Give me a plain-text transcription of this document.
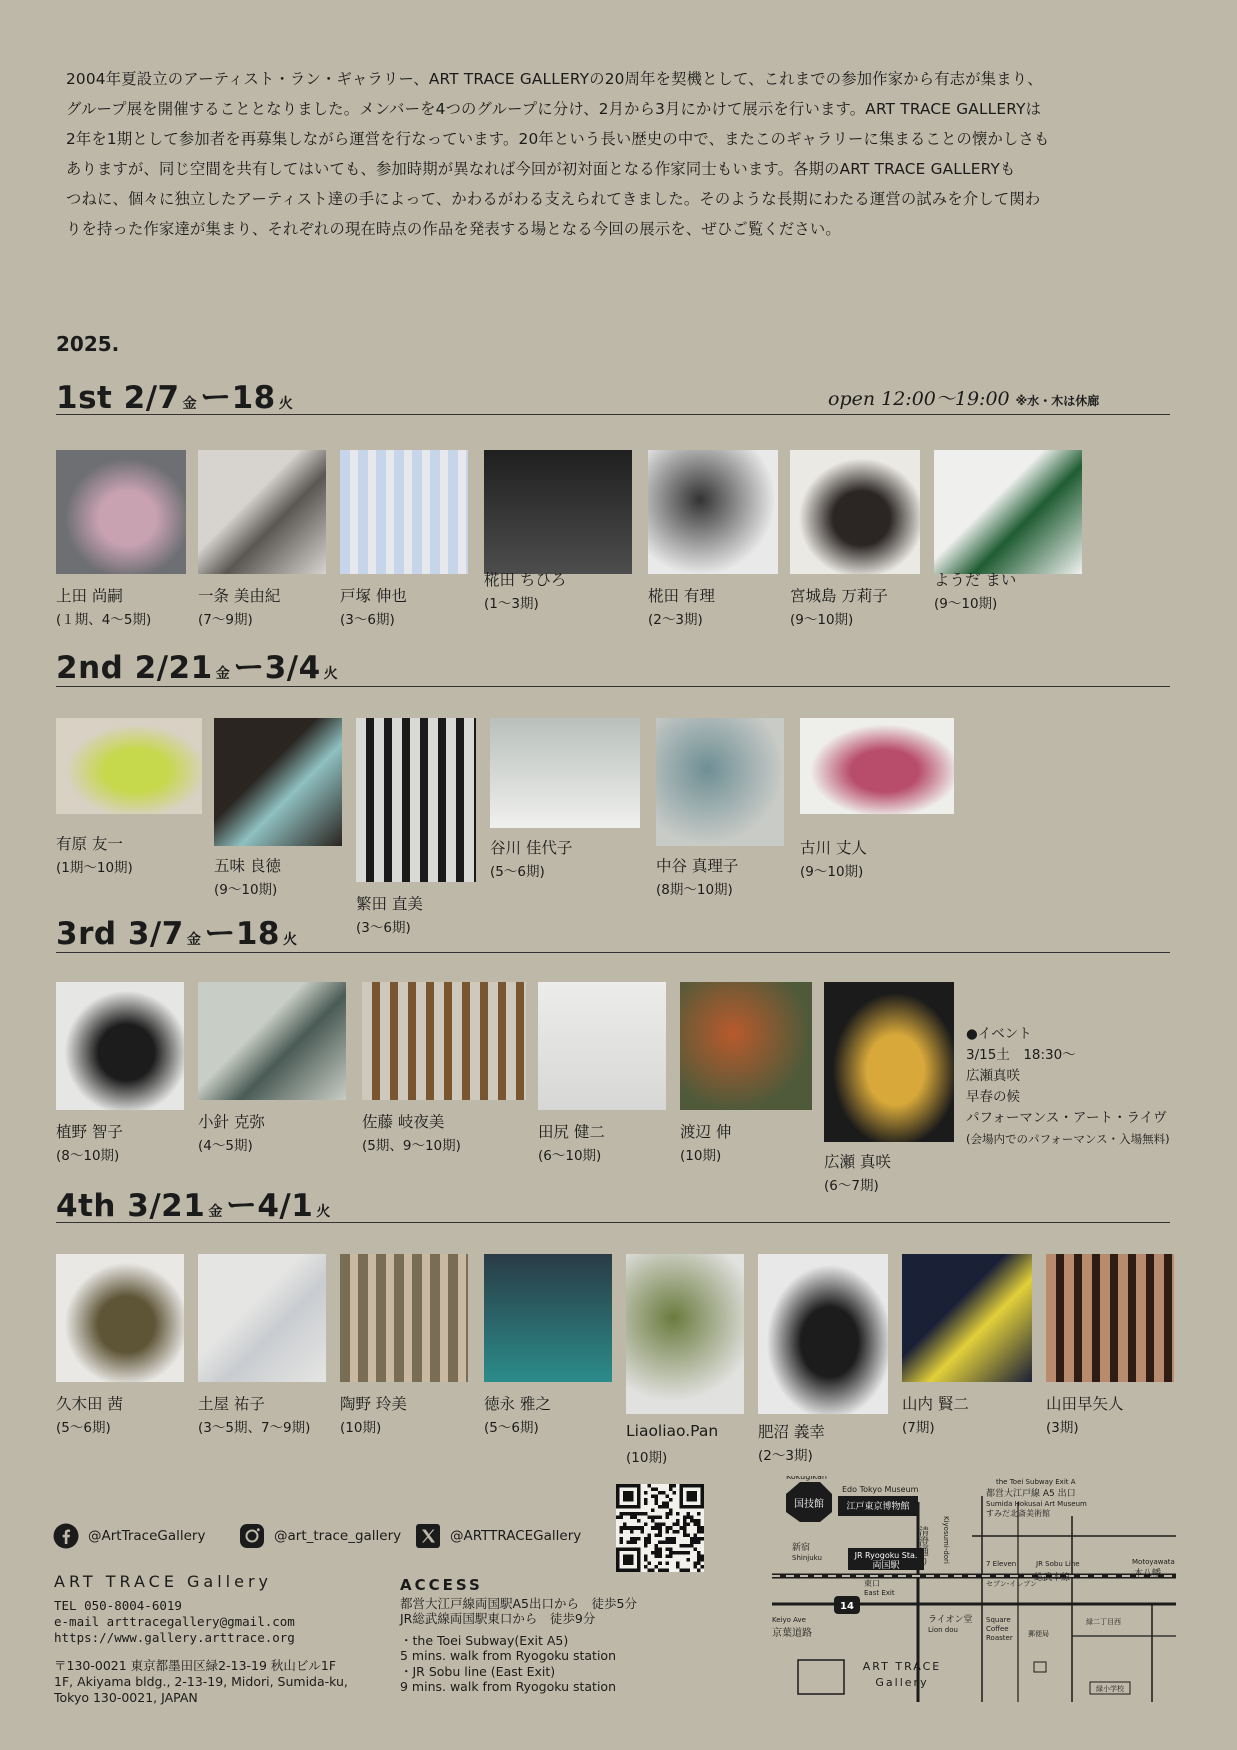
2004年夏設立のアーティスト・ラン・ギャラリー、ART TRACE GALLERYの20周年を契機として、これまでの参加作家から有志が集まり、

グループ展を開催することとなりました。メンバーを4つのグループに分け、2月から3月にかけて展示を行います。ART TRACE GALLERYは

2年を1期として参加者を再募集しながら運営を行なっています。20年という長い歴史の中で、またこのギャラリーに集まることの懐かしさも

ありますが、同じ空間を共有してはいても、参加時期が異なれば今回が初対面となる作家同士もいます。各期のART TRACE GALLERYも

つねに、個々に独立したアーティスト達の手によって、かわるがわる支えられてきました。そのような長期にわたる運営の試みを介して関わ

りを持った作家達が集まり、それぞれの現在時点の作品を発表する場となる今回の展示を、ぜひご覧ください。

2025.
open 12:00〜19:00 ※水・木は休廊
1st 2/7 金ー18 火
上田 尚嗣
(１期、4〜5期)
一条 美由紀
(7〜9期)
戸塚 伸也
(3〜6期)
椛田 ちひろ
(1〜3期)	椛田 有理
(2〜3期)
宮城島 万莉子
(9〜10期)
ようだ まい
(9〜10期)
2nd 2/21 金ー3/4 火
有原 友一
(1期〜10期)	五味 良徳
(9〜10期)
繁田 直美
(3〜6期)
谷川 佳代子
(5〜6期)	中谷 真理子
(8期〜10期)
古川 丈人
(9〜10期)
3rd 3/7 金ー18 火
植野 智子
(8〜10期)
小針 克弥
(4〜5期)
佐藤 岐夜美
(5期、9〜10期)
田尻 健二
(6〜10期)
渡辺 伸
(10期)	広瀬 真咲
(6〜7期)
4th 3/21 金ー4/1 火
久木田 茜
(5〜6期)
土屋 祐子
(3〜5期、7〜9期)
陶野 玲美
(10期)
徳永 雅之
(5〜6期)	Liaoliao.Pan
(10期)
肥沼 義幸
(2〜3期)
山内 賢二
(7期)
山田早矢人
(3期)
●イベント
3/15土　18:30〜
広瀬真咲
早春の候
パフォーマンス・アート・ライヴ
(会場内でのパフォーマンス・入場無料)
@ArtTraceGallery	@art_trace_gallery	@ARTTRACEGallery
ART TRACE Gallery
TEL 050-8004-6019
e-mail arttracegallery@gmail.com
https://www.gallery.arttrace.org
〒130-0021 東京都墨田区緑2-13-19 秋山ビル1F
1F, Akiyama bldg., 2-13-19, Midori, Sumida-ku,
Tokyo 130-0021, JAPAN
ACCESS
都営大江戸線両国駅A5出口から　徒歩5分
JR総武線両国駅東口から　徒歩9分
・the Toei Subway(Exit A5)
5 mins. walk from Ryogoku station
・JR Sobu line (East Exit)
9 mins. walk from Ryogoku station
国技館
Kokugikan
江戸東京博物館
Edo Tokyo Museum
JR Ryogoku Sta.
両国駅
新宿
Shinjuku
東口
East Exit
清澄通り Kiyosumi-dori
the Toei Subway Exit A
都営大江戸線 A5 出口
Sumida Hokusai Art Museum
すみだ北斎美術館
JR Sobu Line
総武本線
Motoyawata
本八幡
7 Eleven
セブン-イレブン
14
Keiyo Ave
京葉道路
ライオン堂
Lion dou
Square
Coffee
Roaster 郵便局
緑二丁目西
緑小学校
ART TRACE
Gallery
